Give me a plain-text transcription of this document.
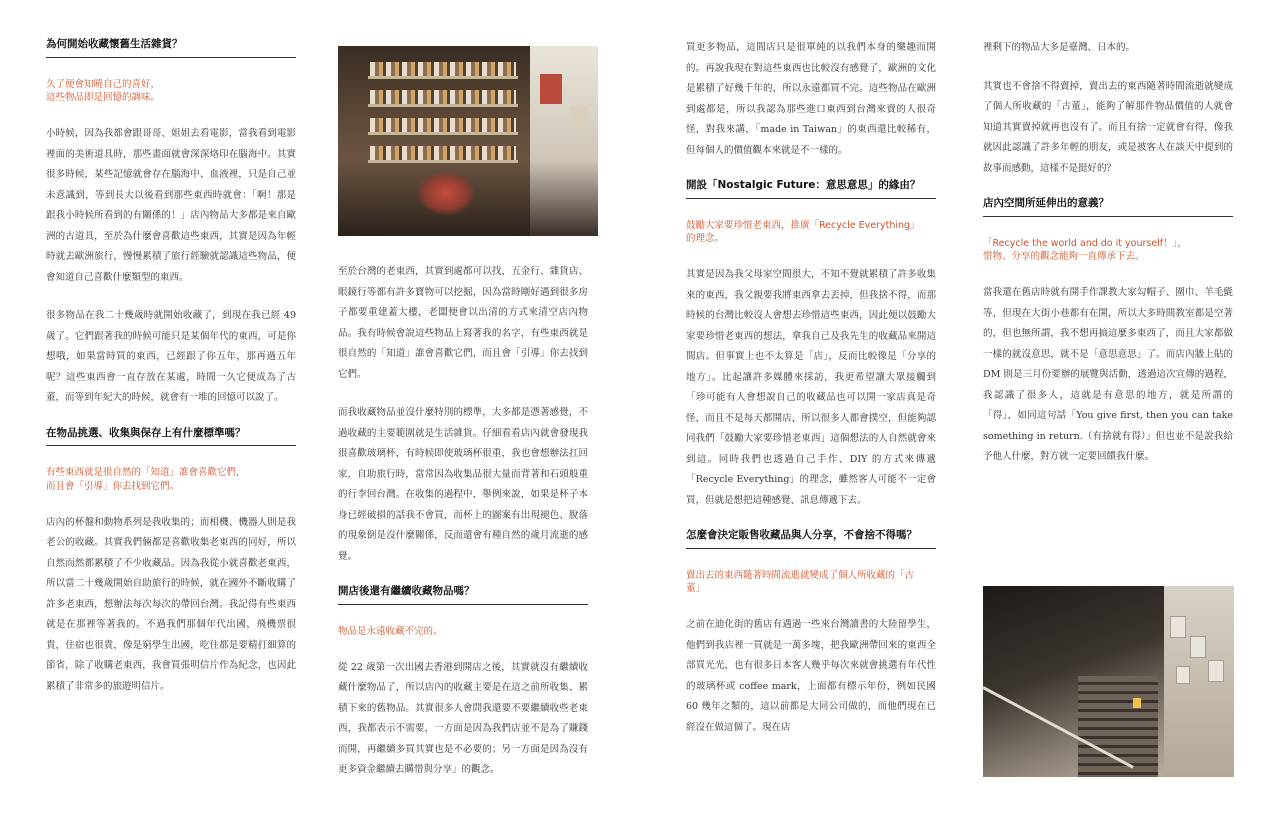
為何開始收藏懷舊生活雜貨？
久了便會知曉自己的喜好，
這些物品即是回憶的調味。

小時候，因為我都會跟哥哥、姐姐去看電影，當我看到電影裡面的美術道具時，那些畫面就會深深烙印在腦海中。其實很多時候，某些記憶就會存在腦海中、血液裡，只是自己並未意識到，等到長大以後看到那些東西時就會：「啊！那是跟我小時候所看到的有關係的！」店內物品大多都是來自歐洲的古道具，至於為什麼會喜歡這些東西，其實是因為年輕時就去歐洲旅行，慢慢累積了旅行經驗就認識這些物品，便會知道自己喜歡什麼類型的東西。

很多物品在我二十幾歲時就開始收藏了，到現在我已經 49 歲了。它們跟著我的時候可能只是某個年代的東西，可是你想哦，如果當時買的東西，已經跟了你五年，那再過五年呢？這些東西會一直存放在某處，時間一久它便成為了古董，而等到年紀大的時候，就會有一堆的回憶可以說了。

在物品挑選、收集與保存上有什麼標準嗎？
有些東西就是很自然的「知道」誰會喜歡它們，
而且會「引導」你去找到它們。

店內的杯盤和動物系列是我收集的；而相機、機器人則是我老公的收藏。其實我們倆都是喜歡收集老東西的同好，所以自然而然都累積了不少收藏品。因為我從小就喜歡老東西，所以當二十幾歲開始自助旅行的時候，就在國外不斷收購了許多老東西，想辦法每次每次的帶回台灣。我記得有些東西就是在那裡等著我的。不過我們那個年代出國，飛機票很貴，住宿也很貴，像是窮學生出國，吃住都是要精打細算的節省，除了收購老東西，我會買張明信片作為紀念，也因此累積了非常多的旅遊明信片。

至於台灣的老東西，其實到處都可以找，五金行、雜貨店、眼鏡行等都有許多寶物可以挖掘，因為當時剛好遇到很多房子都要重建蓋大樓，老闆便會以出清的方式來清空店內物品。我有時候會說這些物品上寫著我的名字，有些東西就是很自然的「知道」誰會喜歡它們，而且會「引導」你去找到它們。

而我收藏物品並沒什麼特別的標準，大多都是憑著感覺，不過收藏的主要範圍就是生活雜貨。仔細看看店內就會發現我很喜歡玻璃杯，有時候即使玻璃杯很重，我也會想辦法扛回家，自助旅行時，當常因為收集品很大量而背著和石頭般重的行李回台灣。在收集的過程中，舉例來說，如果是杯子本身已經破損的話我不會買，而杯上的圖案有出現褪色、脫落的現象倒是沒什麼關係，反而還會有種自然的歲月流逝的感覺。

開店後還有繼續收藏物品嗎？
物品是永遠收藏不完的。

從 22 歲第一次出國去香港到開店之後，其實就沒有繼續收藏什麼物品了，所以店內的收藏主要是在這之前所收集、累積下來的舊物品。其實很多人會問我還要不要繼續收些老東西，我都表示不需要，一方面是因為我們店並不是為了賺錢而開，再繼續多買其實也是不必要的；另一方面是因為沒有更多資金繼續去購惜與分享」的觀念。

買更多物品，這間店只是很單純的以我們本身的樂趣而開的。再說我現在對這些東西也比較沒有感覺了，歐洲的文化是累積了好幾千年的，所以永遠都買不完。這些物品在歐洲到處都是，所以我認為那些進口東西到台灣來賣的人很奇怪，對我來講，「made in Taiwan」的東西還比較稀有，但每個人的價值觀本來就是不一樣的。

開設「Nostalgic Future：意思意思」的緣由？
鼓勵大家要珍惜老東西，推廣「Recycle Everything」
的理念。

其實是因為我父母家空間很大，不知不覺就累積了許多收集來的東西，我父親要我將東西拿去丟掉，但我捨不得，而那時候的台灣比較沒人會想去珍惜這些東西，因此便以鼓勵大家要珍惜老東西的想法，拿我自己及我先生的收藏品來開這間店。但事實上也不太算是「店」，反而比較像是「分享的地方」。比起讓許多媒體來採訪，我更希望讓大眾接觸到「珍可能有人會想說自己的收藏品也可以開一家店真是奇怪，而且不是每天都開店，所以很多人都會撲空，但能夠認同我們「鼓勵大家要珍惜老東西」這個想法的人自然就會來到這。同時我們也透過自己手作、DIY 的方式來傳遞「Recycle Everything」的理念，雖然客人可能不一定會買，但就是想把這種感覺、訊息傳遞下去。

怎麼會決定販售收藏品與人分享，不會捨不得嗎？
賣出去的東西隨著時間流逝就變成了個人所收藏的「古
董」

之前在迪化街的舊店有遇過一些來台灣讀書的大陸留學生，他們到我店裡一買就是一萬多塊，把我歐洲帶回來的東西全部買光光，也有很多日本客人幾乎每次來就會挑選有年代性的玻璃杯或 coffee mark，上面都有標示年份，例如民國 60 幾年之類的，這以前都是大同公司做的，而他們現在已經沒在做這個了。現在店

裡剩下的物品大多是臺灣、日本的。

其實也不會捨不得賣掉，賣出去的東西隨著時間流逝就變成了個人所收藏的「古董」，能夠了解那件物品價值的人就會知道其實賣掉就再也沒有了。而且有捨一定就會有得，像我就因此認識了許多年輕的朋友，或是被客人在談天中提到的故事而感動，這樣不是挺好的？

店內空間所延伸出的意義？
「Recycle the world and do it yourself！」，
惜物、分享的觀念能夠一直傳承下去。

當我還在舊店時就有開手作課教大家勾帽子、圍巾、羊毛氈等，但現在大街小巷都有在開，所以大多時間教室都是空著的，但也無所謂，我不想再搞這麼多東西了，而且大家都做一樣的就沒意思，就不是「意思意思」了。而店內牆上貼的 DM 則是三月份要辦的展覽與活動，透過這次宣傳的過程，我認識了很多人，這就是有意思的地方，就是所謂的「得」，如同這句話「You give first, then you can take something in return.（有捨就有得）」但也並不是說我給予他人什麼，對方就一定要回饋我什麼。
